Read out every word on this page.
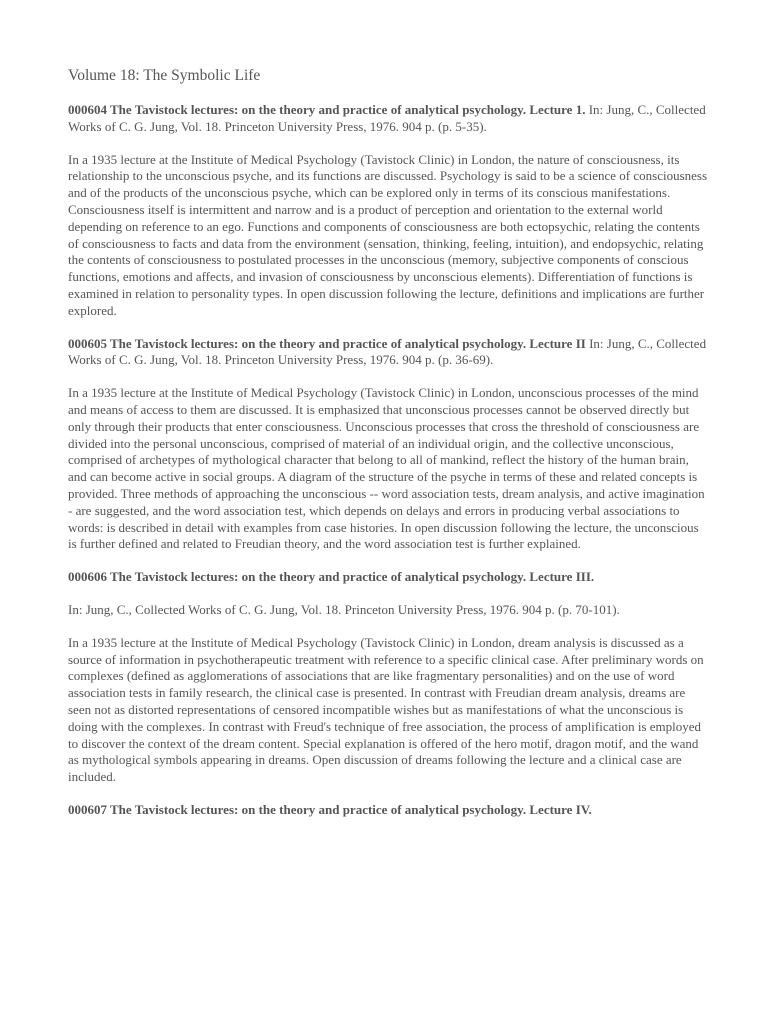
Volume 18: The Symbolic Life

000604 The Tavistock lectures: on the theory and practice of analytical psychology. Lecture 1. In: Jung, C., Collected Works of C. G. Jung, Vol. 18. Princeton University Press, 1976. 904 p. (p. 5-35).

In a 1935 lecture at the Institute of Medical Psychology (Tavistock Clinic) in London, the nature of consciousness, its relationship to the unconscious psyche, and its functions are discussed. Psychology is said to be a science of consciousness and of the products of the unconscious psyche, which can be explored only in terms of its conscious manifestations. Consciousness itself is intermittent and narrow and is a product of perception and orientation to the external world depending on reference to an ego. Functions and components of consciousness are both ectopsychic, relating the contents of consciousness to facts and data from the environment (sensation, thinking, feeling, intuition), and endopsychic, relating the contents of consciousness to postulated processes in the unconscious (memory, subjective components of conscious functions, emotions and affects, and invasion of consciousness by unconscious elements). Differentiation of functions is examined in relation to personality types. In open discussion following the lecture, definitions and implications are further explored.

000605 The Tavistock lectures: on the theory and practice of analytical psychology. Lecture II In: Jung, C., Collected Works of C. G. Jung, Vol. 18. Princeton University Press, 1976. 904 p. (p. 36-69).

In a 1935 lecture at the Institute of Medical Psychology (Tavistock Clinic) in London, unconscious processes of the mind and means of access to them are discussed. It is emphasized that unconscious processes cannot be observed directly but only through their products that enter consciousness. Unconscious processes that cross the threshold of consciousness are divided into the personal unconscious, comprised of material of an individual origin, and the collective unconscious, comprised of archetypes of mythological character that belong to all of mankind, reflect the history of the human brain, and can become active in social groups. A diagram of the structure of the psyche in terms of these and related concepts is provided. Three methods of approaching the unconscious -- word association tests, dream analysis, and active imagination - are suggested, and the word association test, which depends on delays and errors in producing verbal associations to words: is described in detail with examples from case histories. In open discussion following the lecture, the unconscious is further defined and related to Freudian theory, and the word association test is further explained.

000606 The Tavistock lectures: on the theory and practice of analytical psychology. Lecture III.

In: Jung, C., Collected Works of C. G. Jung, Vol. 18. Princeton University Press, 1976. 904 p. (p. 70-101).

In a 1935 lecture at the Institute of Medical Psychology (Tavistock Clinic) in London, dream analysis is discussed as a source of information in psychotherapeutic treatment with reference to a specific clinical case. After preliminary words on complexes (defined as agglomerations of associations that are like fragmentary personalities) and on the use of word association tests in family research, the clinical case is presented. In contrast with Freudian dream analysis, dreams are seen not as distorted representations of censored incompatible wishes but as manifestations of what the unconscious is doing with the complexes. In contrast with Freud's technique of free association, the process of amplification is employed to discover the context of the dream content. Special explanation is offered of the hero motif, dragon motif, and the wand as mythological symbols appearing in dreams. Open discussion of dreams following the lecture and a clinical case are included.

000607 The Tavistock lectures: on the theory and practice of analytical psychology. Lecture IV.
